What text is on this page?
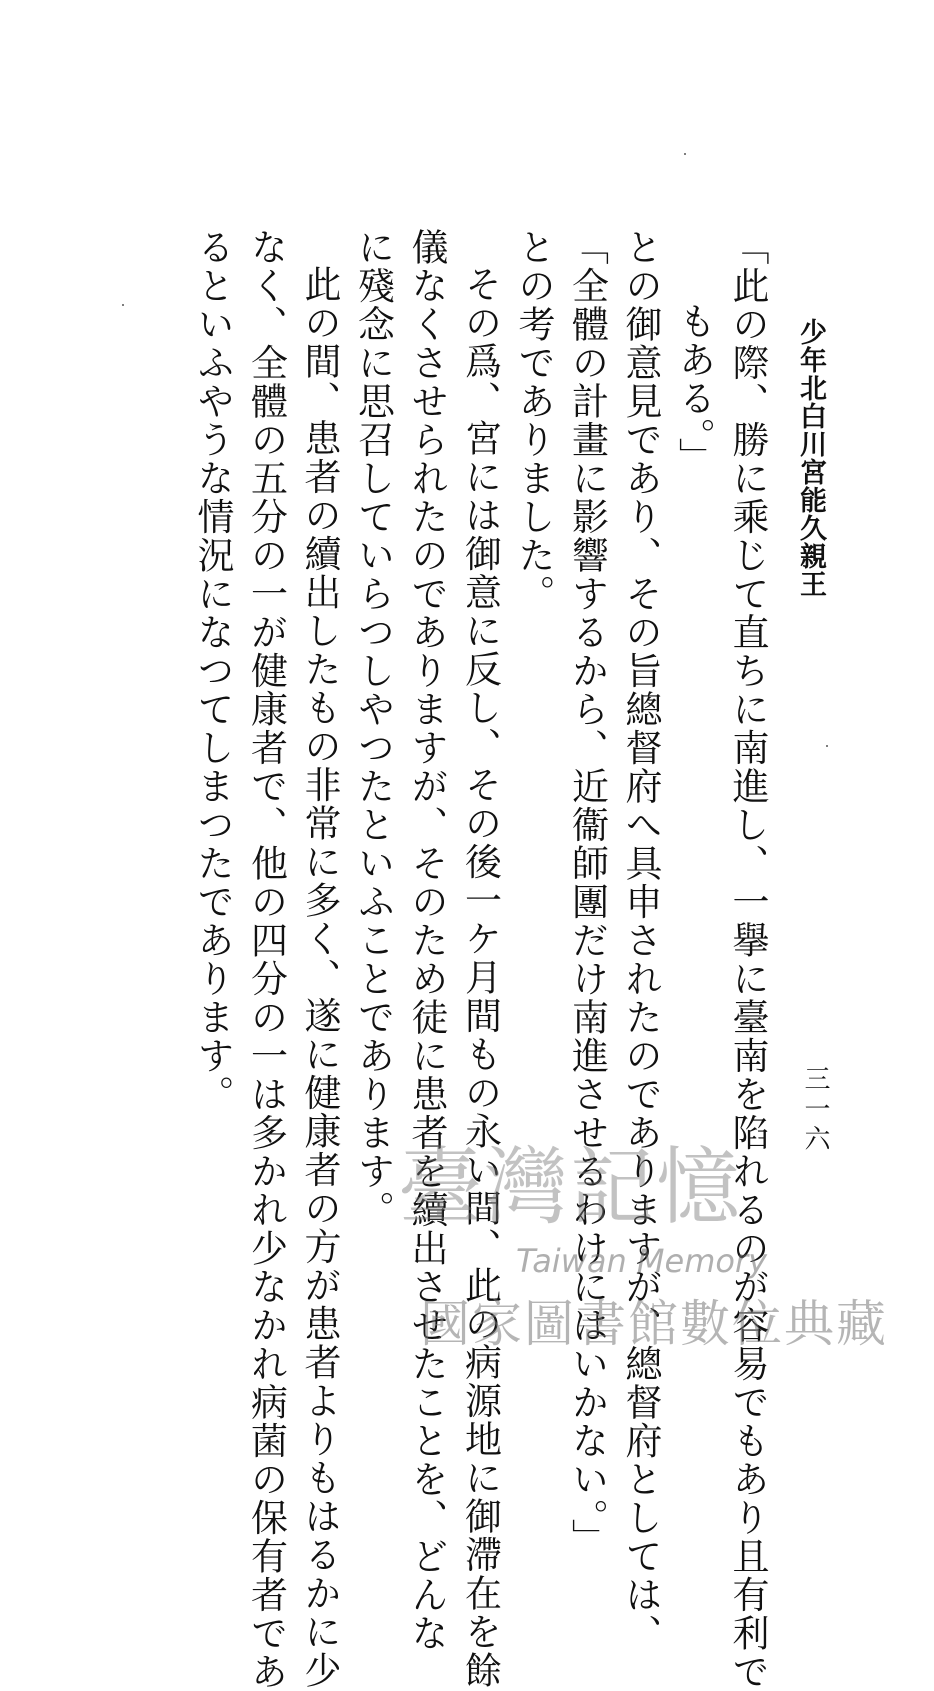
少年北白川宮能久親王
三一六
「此の際、勝に乘じて直ちに南進し、一擧に臺南を陷れるのが容易でもあり且有利で
もある。」
との御意見であり、その旨總督府へ具申されたのでありますが、總督府としては、
「全體の計畫に影響するから、近衞師團だけ南進させるわけにはいかない。」
との考でありました。
その爲、宮には御意に反し、その後一ケ月間もの永い間、此の病源地に御滯在を餘
儀なくさせられたのでありますが、そのため徒に患者を續出させたことを、どんな
に殘念に思召していらつしやつたといふことであります。
此の間、患者の續出したもの非常に多く、遂に健康者の方が患者よりもはるかに少
なく、全體の五分の一が健康者で、他の四分の一は多かれ少なかれ病菌の保有者であ
るといふやうな情況になつてしまつたであります。
臺灣記憶
Taiwan Memory
國家圖書館數位典藏
